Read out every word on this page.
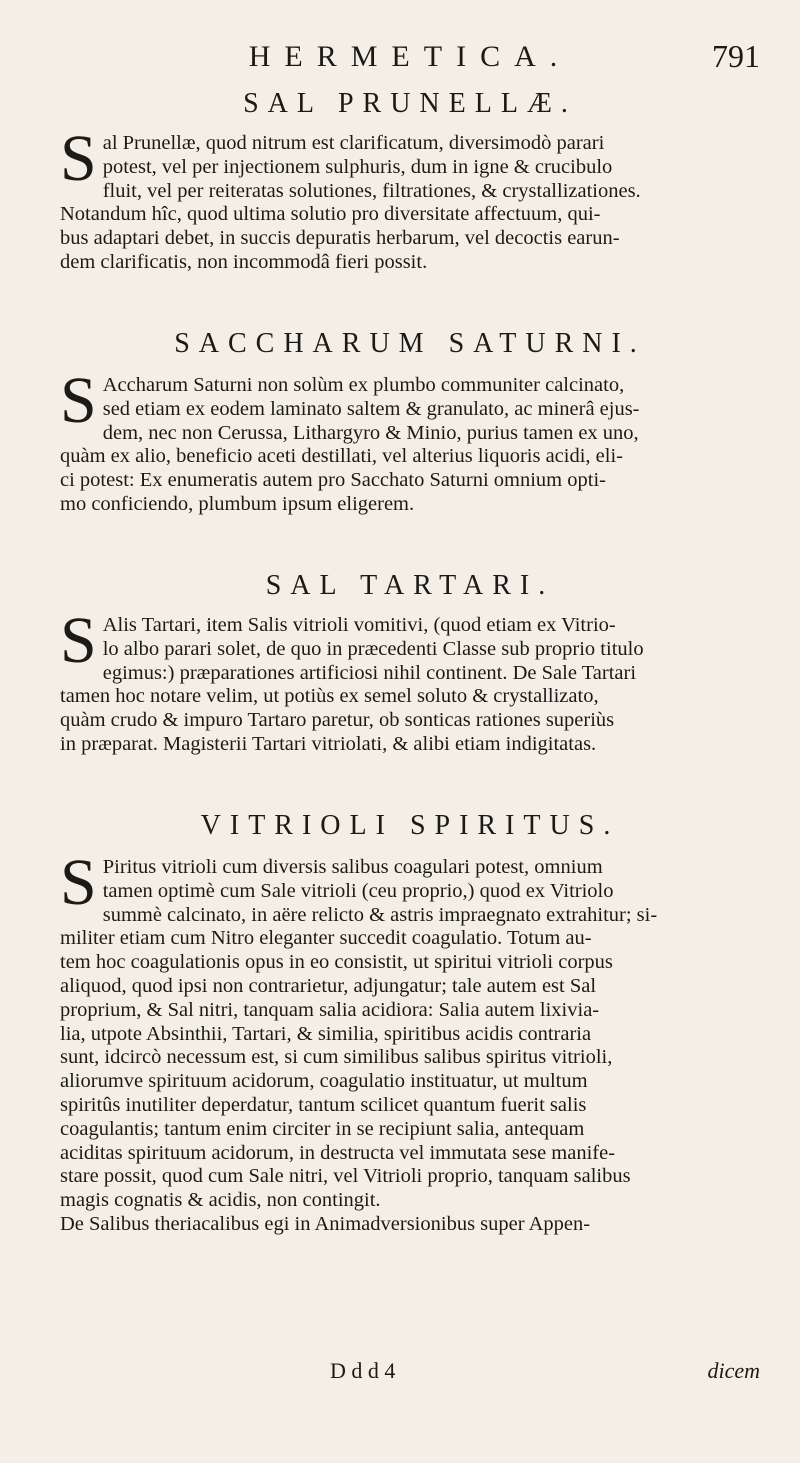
HERMETICA.	791
SAL PRUNELLÆ.
S al Prunellæ, quod nitrum est clarificatum, diversimodò parari
potest, vel per injectionem sulphuris, dum in igne & crucibulo
fluit, vel per reiteratas solutiones, filtrationes, & crystallizationes.
Notandum hîc, quod ultima solutio pro diversitate affectuum, qui-
bus adaptari debet, in succis depuratis herbarum, vel decoctis earun-
dem clarificatis, non incommodâ fieri possit.
SACCHARUM SATURNI.
S Accharum Saturni non solùm ex plumbo communiter calcinato,
sed etiam ex eodem laminato saltem & granulato, ac minerâ ejus-
dem, nec non Cerussa, Lithargyro & Minio, purius tamen ex uno,
quàm ex alio, beneficio aceti destillati, vel alterius liquoris acidi, eli-
ci potest: Ex enumeratis autem pro Sacchato Saturni omnium opti-
mo conficiendo, plumbum ipsum eligerem.
SAL TARTARI.
S Alis Tartari, item Salis vitrioli vomitivi, (quod etiam ex Vitrio-
lo albo parari solet, de quo in præcedenti Classe sub proprio titulo
egimus:) præparationes artificiosi nihil continent. De Sale Tartari
tamen hoc notare velim, ut potiùs ex semel soluto & crystallizato,
quàm crudo & impuro Tartaro paretur, ob sonticas rationes superiùs
in præparat. Magisterii Tartari vitriolati, & alibi etiam indigitatas.
VITRIOLI SPIRITUS.
S Piritus vitrioli cum diversis salibus coagulari potest, omnium
tamen optimè cum Sale vitrioli (ceu proprio,) quod ex Vitriolo
summè calcinato, in aëre relicto & astris impraegnato extrahitur; si-
militer etiam cum Nitro eleganter succedit coagulatio. Totum au-
tem hoc coagulationis opus in eo consistit, ut spiritui vitrioli corpus
aliquod, quod ipsi non contrarietur, adjungatur; tale autem est Sal
proprium, & Sal nitri, tanquam salia acidiora: Salia autem lixivia-
lia, utpote Absinthii, Tartari, & similia, spiritibus acidis contraria
sunt, idcircò necessum est, si cum similibus salibus spiritus vitrioli,
aliorumve spirituum acidorum, coagulatio instituatur, ut multum
spiritûs inutiliter deperdatur, tantum scilicet quantum fuerit salis
coagulantis; tantum enim circiter in se recipiunt salia, antequam
aciditas spirituum acidorum, in destructa vel immutata sese manife-
stare possit, quod cum Sale nitri, vel Vitrioli proprio, tanquam salibus
magis cognatis & acidis, non contingit.
De Salibus theriacalibus egi in Animadversionibus super Appen-
D d d 4	dicem
